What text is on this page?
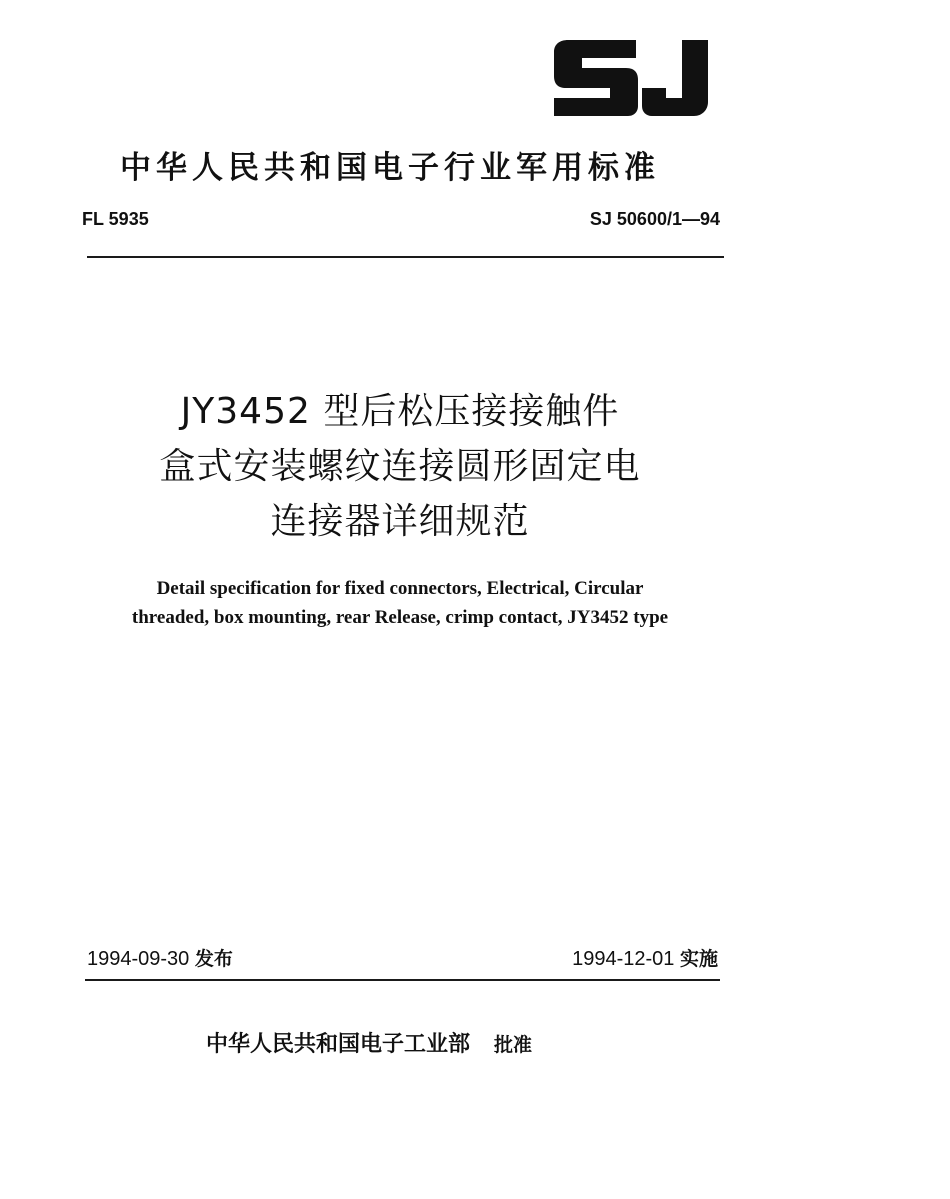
中华人民共和国电子行业军用标准
FL 5935	SJ 50600/1—94
JY3452 型后松压接接触件
盒式安装螺纹连接圆形固定电
连接器详细规范
Detail specification for fixed connectors, Electrical, Circular
threaded, box mounting, rear Release, crimp contact, JY3452 type
1994-09-30 发布	1994-12-01 实施
中华人民共和国电子工业部 批准
